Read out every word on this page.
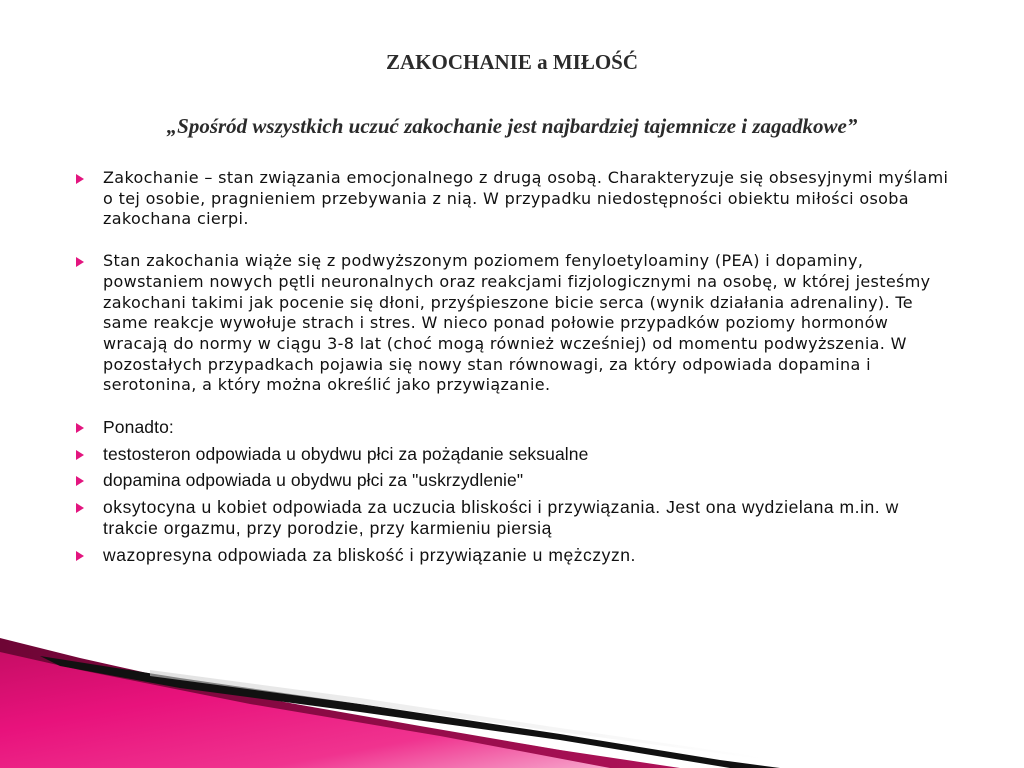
ZAKOCHANIE a MIŁOŚĆ
„Spośród wszystkich uczuć zakochanie jest najbardziej tajemnicze i zagadkowe”
Zakochanie – stan związania emocjonalnego z drugą osobą. Charakteryzuje się obsesyjnymi myślami o tej osobie, pragnieniem przebywania z nią. W przypadku niedostępności obiektu miłości osoba zakochana cierpi.
Stan zakochania wiąże się z podwyższonym poziomem fenyloetyloaminy (PEA) i dopaminy, powstaniem nowych pętli neuronalnych oraz reakcjami fizjologicznymi na osobę, w której jesteśmy zakochani takimi jak pocenie się dłoni, przyśpieszone bicie serca (wynik działania adrenaliny). Te same reakcje wywołuje strach i stres. W nieco ponad połowie przypadków poziomy hormonów wracają do normy w ciągu 3-8 lat (choć mogą również wcześniej) od momentu podwyższenia. W pozostałych przypadkach pojawia się nowy stan równowagi, za który odpowiada dopamina i serotonina, a który można określić jako przywiązanie.
Ponadto:
testosteron odpowiada u obydwu płci za pożądanie seksualne
dopamina odpowiada u obydwu płci za "uskrzydlenie"
oksytocyna u kobiet odpowiada za uczucia bliskości i przywiązania. Jest ona wydzielana m.in. w trakcie orgazmu, przy porodzie, przy karmieniu piersią
wazopresyna odpowiada za bliskość i przywiązanie u mężczyzn.
